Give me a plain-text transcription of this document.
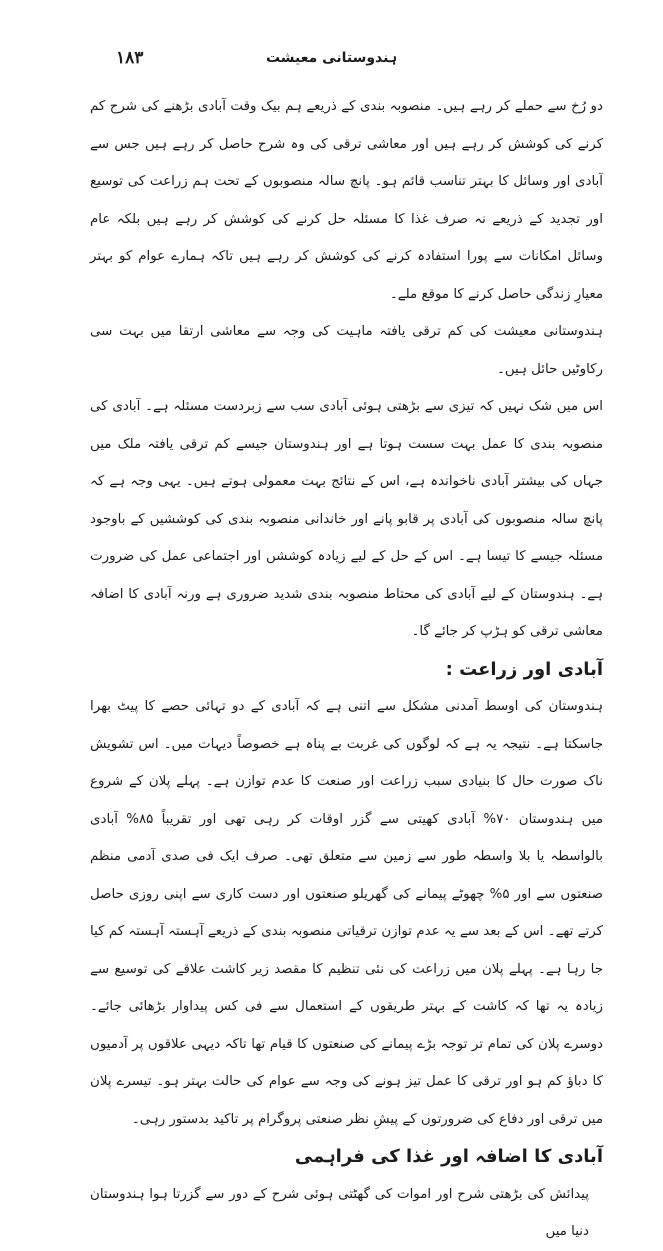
۱۸۳	ہندوستانی معیشت

دو رُخ سے حملے کر رہے ہیں۔ منصوبہ بندی کے ذریعے ہم بیک وقت آبادی بڑھنے کی شرح کم کرنے کی کوشش کر رہے ہیں اور معاشی ترقی کی وہ شرح حاصل کر رہے ہیں جس سے آبادی اور وسائل کا بہتر تناسب قائم ہو۔ پانچ سالہ منصوبوں کے تحت ہم زراعت کی توسیع اور تجدید کے ذریعے نہ صرف غذا کا مسئلہ حل کرنے کی کوشش کر رہے ہیں بلکہ عام وسائل امکانات سے پورا استفادہ کرنے کی کوشش کر رہے ہیں تاکہ ہمارے عوام کو بہتر معیارِ زندگی حاصل کرنے کا موقع ملے۔

ہندوستانی معیشت کی کم ترقی یافتہ ماہیت کی وجہ سے معاشی ارتقا میں بہت سی رکاوٹیں حائل ہیں۔

اس میں شک نہیں کہ تیزی سے بڑھتی ہوئی آبادی سب سے زبردست مسئلہ ہے۔ آبادی کی منصوبہ بندی کا عمل بہت سست ہوتا ہے اور ہندوستان جیسے کم ترقی یافتہ ملک میں جہاں کی بیشتر آبادی ناخواندہ ہے، اس کے نتائج بہت معمولی ہوتے ہیں۔ یہی وجہ ہے کہ پانچ سالہ منصوبوں کی آبادی پر قابو پانے اور خاندانی منصوبہ بندی کی کوششیں کے باوجود مسئلہ جیسے کا تیسا ہے۔ اس کے حل کے لیے زیادہ کوششں اور اجتماعی عمل کی ضرورت ہے۔ ہندوستان کے لیے آبادی کی محتاط منصوبہ بندی شدید ضروری ہے ورنہ آبادی کا اضافہ معاشی ترقی کو ہڑپ کر جائے گا۔

آبادی اور زراعت :

ہندوستان کی اوسط آمدنی مشکل سے اتنی ہے کہ آبادی کے دو تہائی حصے کا پیٹ بھرا جاسکتا ہے۔ نتیجہ یہ ہے کہ لوگوں کی غربت بے پناہ ہے خصوصاً دیہات میں۔ اس تشویش ناک صورت حال کا بنیادی سبب زراعت اور صنعت کا عدم توازن ہے۔ پہلے پلان کے شروع میں ہندوستان ۷۰% آبادی کھیتی سے گزر اوقات کر رہی تھی اور تقریباً ۸۵% آبادی بالواسطہ یا بلا واسطہ طور سے زمین سے متعلق تھی۔ صرف ایک فی صدی آدمی منظم صنعتوں سے اور ۵% چھوٹے پیمانے کی گھریلو صنعتوں اور دست کاری سے اپنی روزی حاصل کرتے تھے۔ اس کے بعد سے یہ عدم توازن ترقیاتی منصوبہ بندی کے ذریعے آہستہ آہستہ کم کیا جا رہا ہے۔ پہلے پلان میں زراعت کی نئی تنظیم کا مقصد زیر کاشت علاقے کی توسیع سے زیادہ یہ تھا کہ کاشت کے بہتر طریقوں کے استعمال سے فی کس پیداوار بڑھائی جائے۔ دوسرے پلان کی تمام تر توجہ بڑے پیمانے کی صنعتوں کا قیام تھا تاکہ دیہی علاقوں پر آدمیوں کا دباؤ کم ہو اور ترقی کا عمل تیز ہونے کی وجہ سے عوام کی حالت بہتر ہو۔ تیسرے پلان میں ترقی اور دفاع کی ضرورتوں کے پیشِ نظر صنعتی پروگرام پر تاکید بدستور رہی۔

آبادی کا اضافہ اور غذا کی فراہمی

پیدائش کی بڑھتی شرح اور اموات کی گھٹتی ہوئی شرح کے دور سے گزرتا ہوا ہندوستان دنیا میں
